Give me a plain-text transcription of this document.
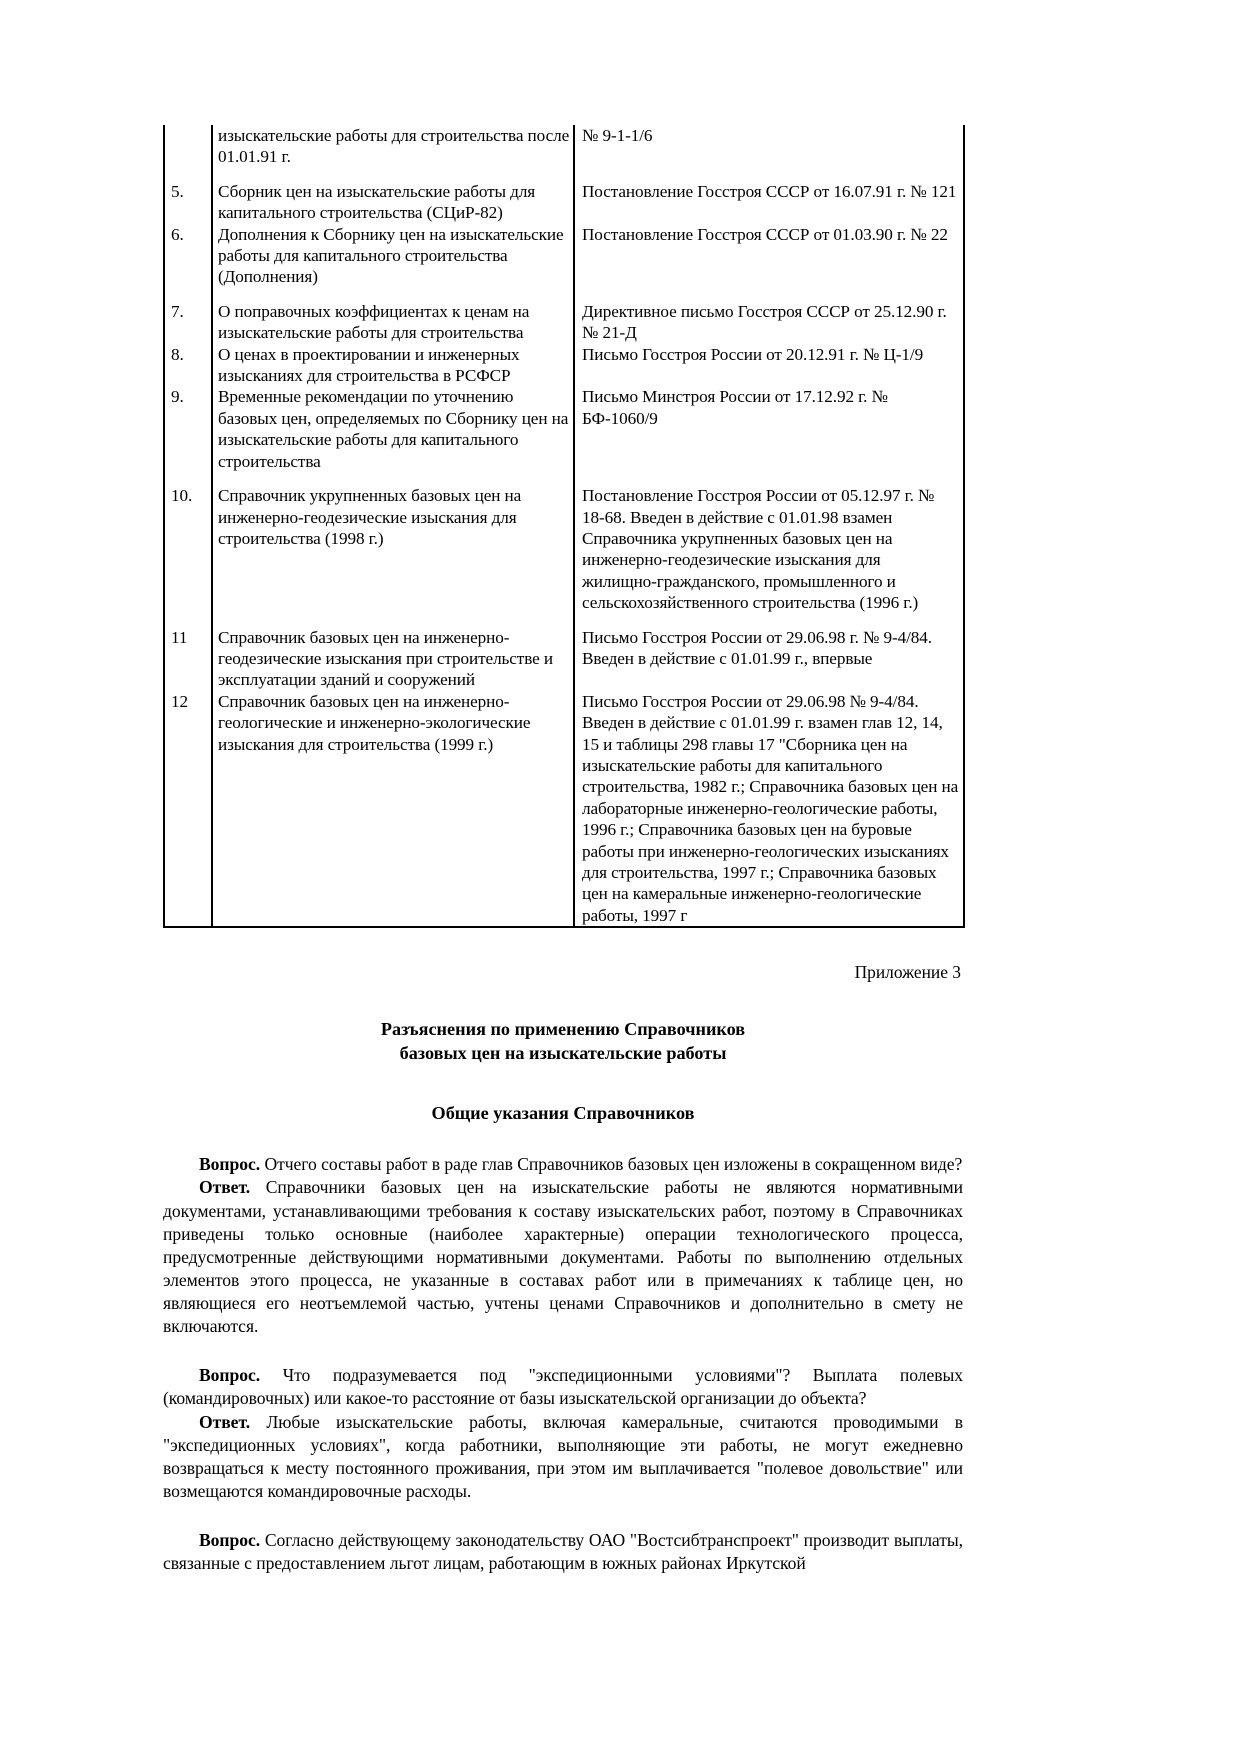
	изыскательские работы для строительства после 01.01.91 г.	№ 9-1-1/6
5.	Сборник цен на изыскательские работы для капитального строительства (СЦиР-82)	Постановление Госстроя СССР от 16.07.91 г. № 121
6.	Дополнения к Сборнику цен на изыскательские работы для капитального строительства (Дополнения)	Постановление Госстроя СССР от 01.03.90 г. № 22
7.	О поправочных коэффициентах к ценам на изыскательские работы для строительства	Директивное письмо Госстроя СССР от 25.12.90 г. № 21-Д
8.	О ценах в проектировании и инженерных изысканиях для строительства в РСФСР	Письмо Госстроя России от 20.12.91 г. № Ц-1/9
9.	Временные рекомендации по уточнению базовых цен, определяемых по Сборнику цен на изыскательские работы для капитального строительства	Письмо Минстроя России от 17.12.92 г. № БФ-1060/9
10.	Справочник укрупненных базовых цен на инженерно-геодезические изыскания для строительства (1998 г.)	Постановление Госстроя России от 05.12.97 г. № 18-68. Введен в действие с 01.01.98 взамен Справочника укрупненных базовых цен на инженерно-геодезические изыскания для жилищно-гражданского, промышленного и сельскохозяйственного строительства (1996 г.)
11	Справочник базовых цен на инженерно-геодезические изыскания при строительстве и эксплуатации зданий и сооружений	Письмо Госстроя России от 29.06.98 г. № 9-4/84. Введен в действие с 01.01.99 г., впервые
12	Справочник базовых цен на инженерно-геологические и инженерно-экологические изыскания для строительства (1999 г.)	Письмо Госстроя России от 29.06.98 № 9-4/84. Введен в действие с 01.01.99 г. взамен глав 12, 14, 15 и таблицы 298 главы 17 "Сборника цен на изыскательские работы для капитального строительства, 1982 г.; Справочника базовых цен на лабораторные инженерно-геологические работы, 1996 г.; Справочника базовых цен на буровые работы при инженерно-геологических изысканиях для строительства, 1997 г.; Справочника базовых цен на камеральные инженерно-геологические работы, 1997 г
Приложение 3
Разъяснения по применению Справочников
базовых цен на изыскательские работы
Общие указания Справочников

Вопрос. Отчего составы работ в раде глав Справочников базовых цен изложены в сокращенном виде?

Ответ. Справочники базовых цен на изыскательские работы не являются нормативными документами, устанавливающими требования к составу изыскательских работ, поэтому в Справочниках приведены только основные (наиболее характерные) операции технологического процесса, предусмотренные действующими нормативными документами. Работы по выполнению отдельных элементов этого процесса, не указанные в составах работ или в примечаниях к таблице цен, но являющиеся его неотъемлемой частью, учтены ценами Справочников и дополнительно в смету не включаются.

Вопрос. Что подразумевается под "экспедиционными условиями"? Выплата полевых (командировочных) или какое-то расстояние от базы изыскательской организации до объекта?

Ответ. Любые изыскательские работы, включая камеральные, считаются проводимыми в "экспедиционных условиях", когда работники, выполняющие эти работы, не могут ежедневно возвращаться к месту постоянного проживания, при этом им выплачивается "полевое довольствие" или возмещаются командировочные расходы.

Вопрос. Согласно действующему законодательству ОАО "Востсибтранспроект" производит выплаты, связанные с предоставлением льгот лицам, работающим в южных районах Иркутской
